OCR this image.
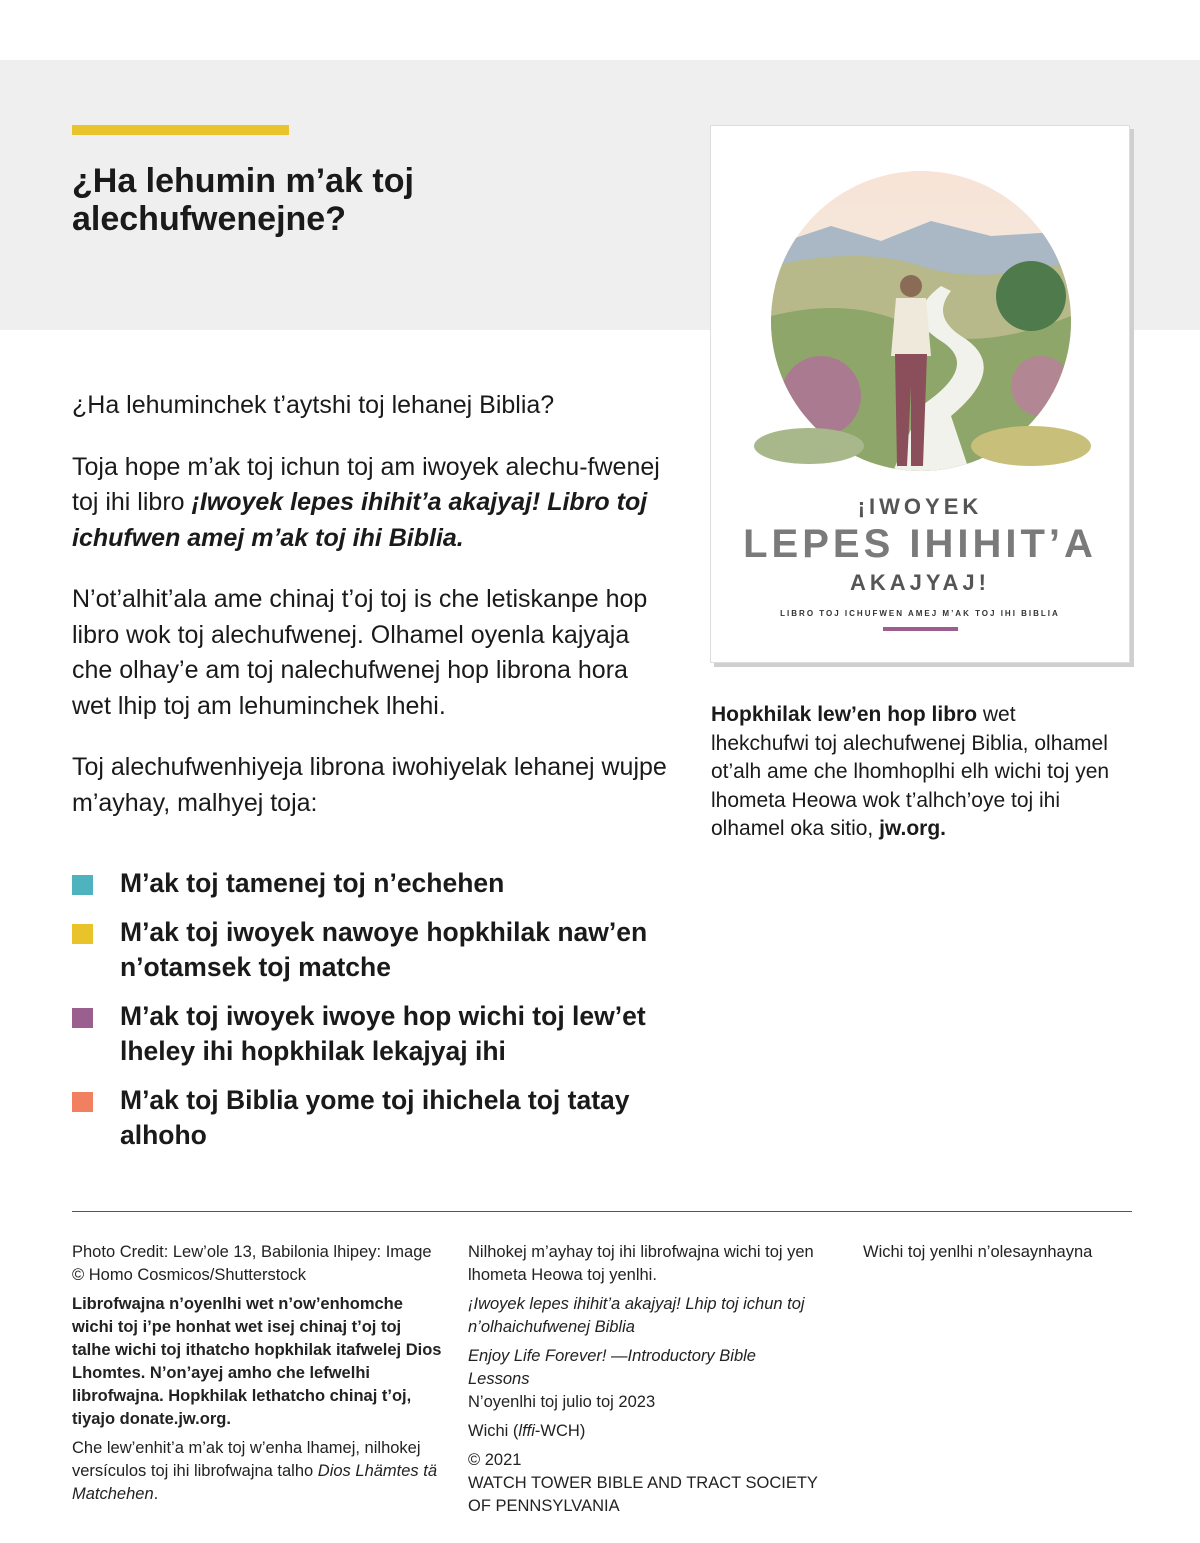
¿Ha lehumin m’ak toj alechufwenejne?

¿Ha lehuminchek t’aytshi toj lehanej Biblia?

Toja hope m’ak toj ichun toj am iwoyek alechu-fwenej toj ihi libro ¡Iwoyek lepes ihihit’a akajyaj! Libro toj ichufwen amej m’ak toj ihi Biblia.

N’ot’alhit’ala ame chinaj t’oj toj is che letiskanpe hop libro wok toj alechufwenej. Olhamel oyenla kajyaja che olhay’e am toj nalechufwenej hop librona hora wet lhip toj am lehuminchek lhehi.

Toj alechufwenhiyeja librona iwohiyelak lehanej wujpe m’ayhay, malhyej toja:

M’ak toj tamenej toj n’echehen
M’ak toj iwoyek nawoye hopkhilak naw’en n’otamsek toj matche
M’ak toj iwoyek iwoye hop wichi toj lew’et lheley ihi hopkhilak lekajyaj ihi
M’ak toj Biblia yome toj ihichela toj tatay alhoho
¡IWOYEK
LEPES IHIHIT’A
AKAJYAJ!
LIBRO TOJ ICHUFWEN AMEJ M’AK TOJ IHI BIBLIA
Hopkhilak lew’en hop libro wet lhekchufwi toj alechufwenej Biblia, olhamel ot’alh ame che lhomhoplhi elh wichi toj yen lhometa Heowa wok t’alhch’oye toj ihi olhamel oka sitio, jw.org.

Photo Credit: Lew’ole 13, Babilonia lhipey: Image © Homo Cosmicos/Shutterstock

Librofwajna n’oyenlhi wet n’ow’enhomche wichi toj i’pe honhat wet isej chinaj t’oj toj talhe wichi toj ithatcho hopkhilak itafwelej Dios Lhomtes. N’on’ayej amho che lefwelhi librofwajna. Hopkhilak lethatcho chinaj t’oj, tiyajo donate.jw.org.

Che lew’enhit’a m’ak toj w’enha lhamej, nilhokej versículos toj ihi librofwajna talho Dios Lhämtes tä Matchehen.

Nilhokej m’ayhay toj ihi librofwajna wichi toj yen lhometa Heowa toj yenlhi.

¡Iwoyek lepes ihihit’a akajyaj! Lhip toj ichun toj n’olhaichufwenej Biblia

Enjoy Life Forever! —Introductory Bible Lessons

N’oyenlhi toj julio toj 2023

Wichi (lffi-WCH)

© 2021
WATCH TOWER BIBLE AND TRACT SOCIETY
OF PENNSYLVANIA

Wichi toj yenlhi n’olesaynhayna
